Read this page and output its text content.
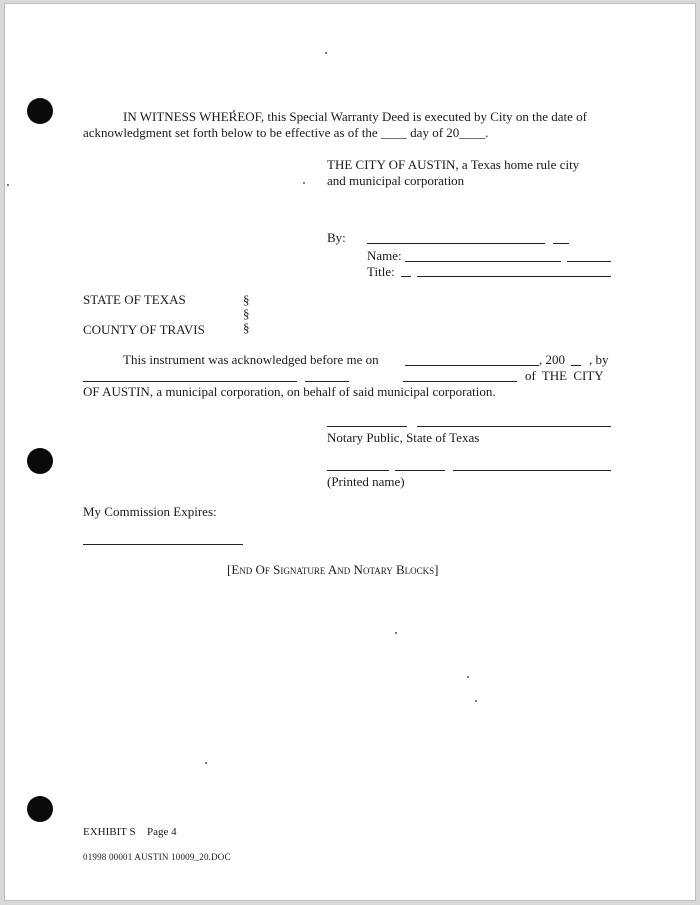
IN WITNESS WHEREOF, this Special Warranty Deed is executed by City on the date of
acknowledgment set forth below to be effective as of the ____ day of 20____.
THE CITY OF AUSTIN, a Texas home rule city
and municipal corporation
By:
Name:
Title:
STATE OF TEXAS	§
§
§
COUNTY OF TRAVIS
This instrument was acknowledged before me on	, 200 , by
of THE CITY
OF AUSTIN, a municipal corporation, on behalf of said municipal corporation.
Notary Public, State of Texas
(Printed name)
My Commission Expires:
[End Of Signature And Notary Blocks]
EXHIBIT S Page 4
01998 00001 AUSTIN 10009_20.DOC
